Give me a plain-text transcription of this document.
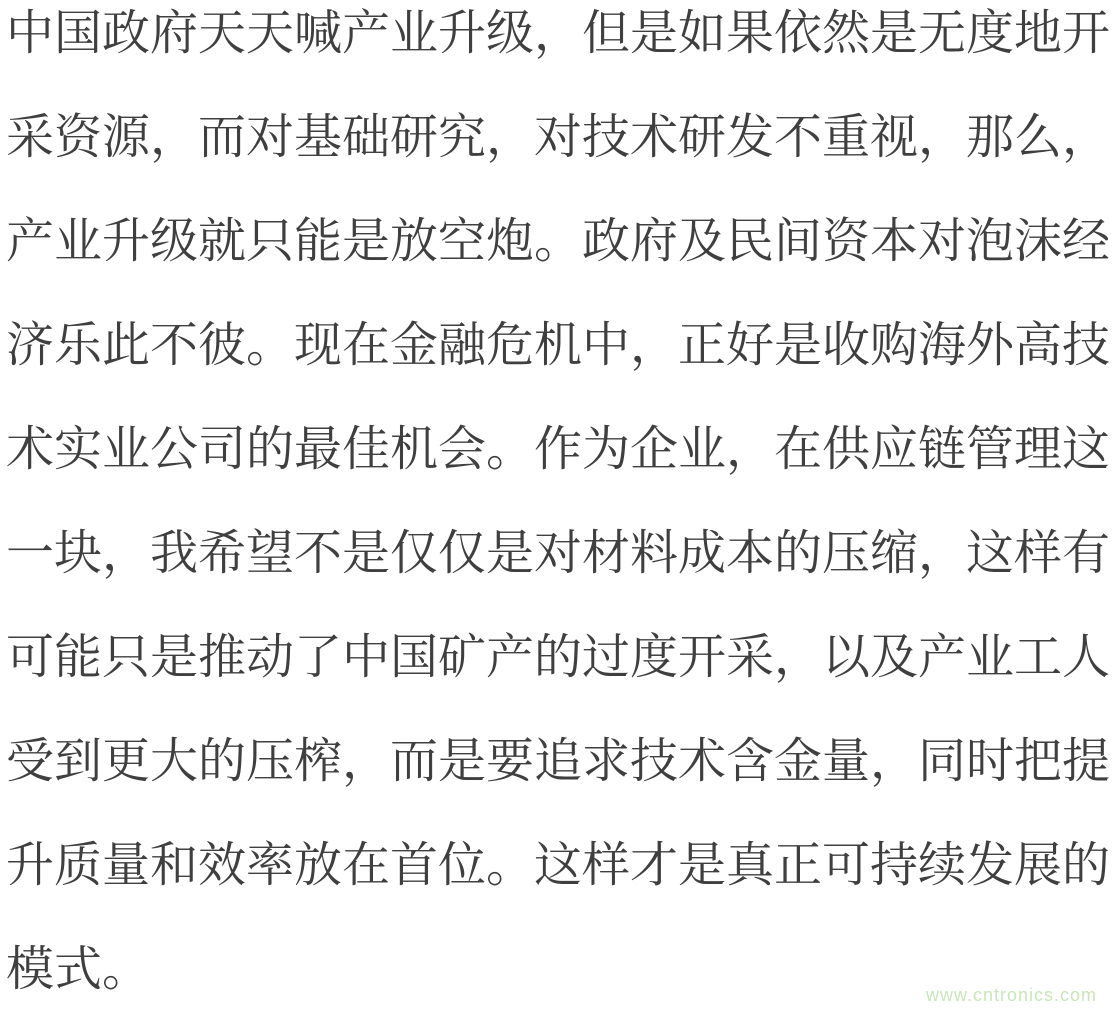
中国政府天天喊产业升级，但是如果依然是无度地开

采资源，而对基础研究，对技术研发不重视，那么，

产业升级就只能是放空炮。政府及民间资本对泡沫经

济乐此不彼。现在金融危机中，正好是收购海外高技

术实业公司的最佳机会。作为企业，在供应链管理这

一块，我希望不是仅仅是对材料成本的压缩，这样有

可能只是推动了中国矿产的过度开采，以及产业工人

受到更大的压榨，而是要追求技术含金量，同时把提

升质量和效率放在首位。这样才是真正可持续发展的

模式。	www.cntronics.com
